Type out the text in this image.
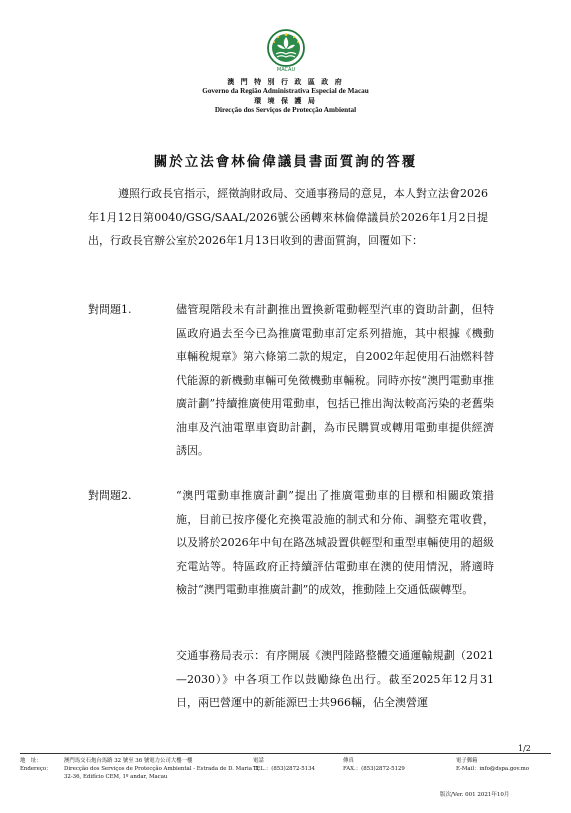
MACAU
澳 門 特 別 行 政 區 政 府
Governo da Região Administrativa Especial de Macau
環 境 保 護 局
Direcção dos Serviços de Protecção Ambiental
關於立法會林倫偉議員書面質詢的答覆
遵照行政長官指示，經徵詢財政局、交通事務局的意見，本人對立法會2026年1月12日第0040/GSG/SAAL/2026號公函轉來林倫偉議員於2026年1月2日提出，行政長官辦公室於2026年1月13日收到的書面質詢，回覆如下：
對問題1.	儘管現階段未有計劃推出置換新電動輕型汽車的資助計劃，但特區政府過去至今已為推廣電動車訂定系列措施，其中根據《機動車輛稅規章》第六條第二款的規定，自2002年起使用石油燃料替代能源的新機動車輛可免徵機動車輛稅。同時亦按“澳門電動車推廣計劃”持續推廣使用電動車，包括已推出淘汰較高污染的老舊柴油車及汽油電單車資助計劃，為市民購買或轉用電動車提供經濟誘因。
對問題2.	“澳門電動車推廣計劃”提出了推廣電動車的目標和相關政策措施，目前已按序優化充換電設施的制式和分佈、調整充電收費，以及將於2026年中旬在路氹城設置供輕型和重型車輛使用的超級充電站等。特區政府正持續評估電動車在澳的使用情況，將適時檢討“澳門電動車推廣計劃”的成效，推動陸上交通低碳轉型。
交通事務局表示：有序開展《澳門陸路整體交通運輸規劃（2021—2030）》中各項工作以鼓勵綠色出行。截至2025年12月31日，兩巴營運中的新能源巴士共966輛，佔全澳營運
1/2
地　址：	澳門馬交石炮台馬路 32 號至 36 號電力公司大樓一樓
Endereço： Direcção dos Serviços de Protecção Ambiental - Estrada de D. Maria II,
32-36, Edifício CEM, 1º andar, Macau
電話
TEL.：(853)2872-5134
傳真
FAX.：(853)2872-5129
電子郵箱
E-Mail：info@dspa.gov.mo
版次/Ver. 001 2021年10月
